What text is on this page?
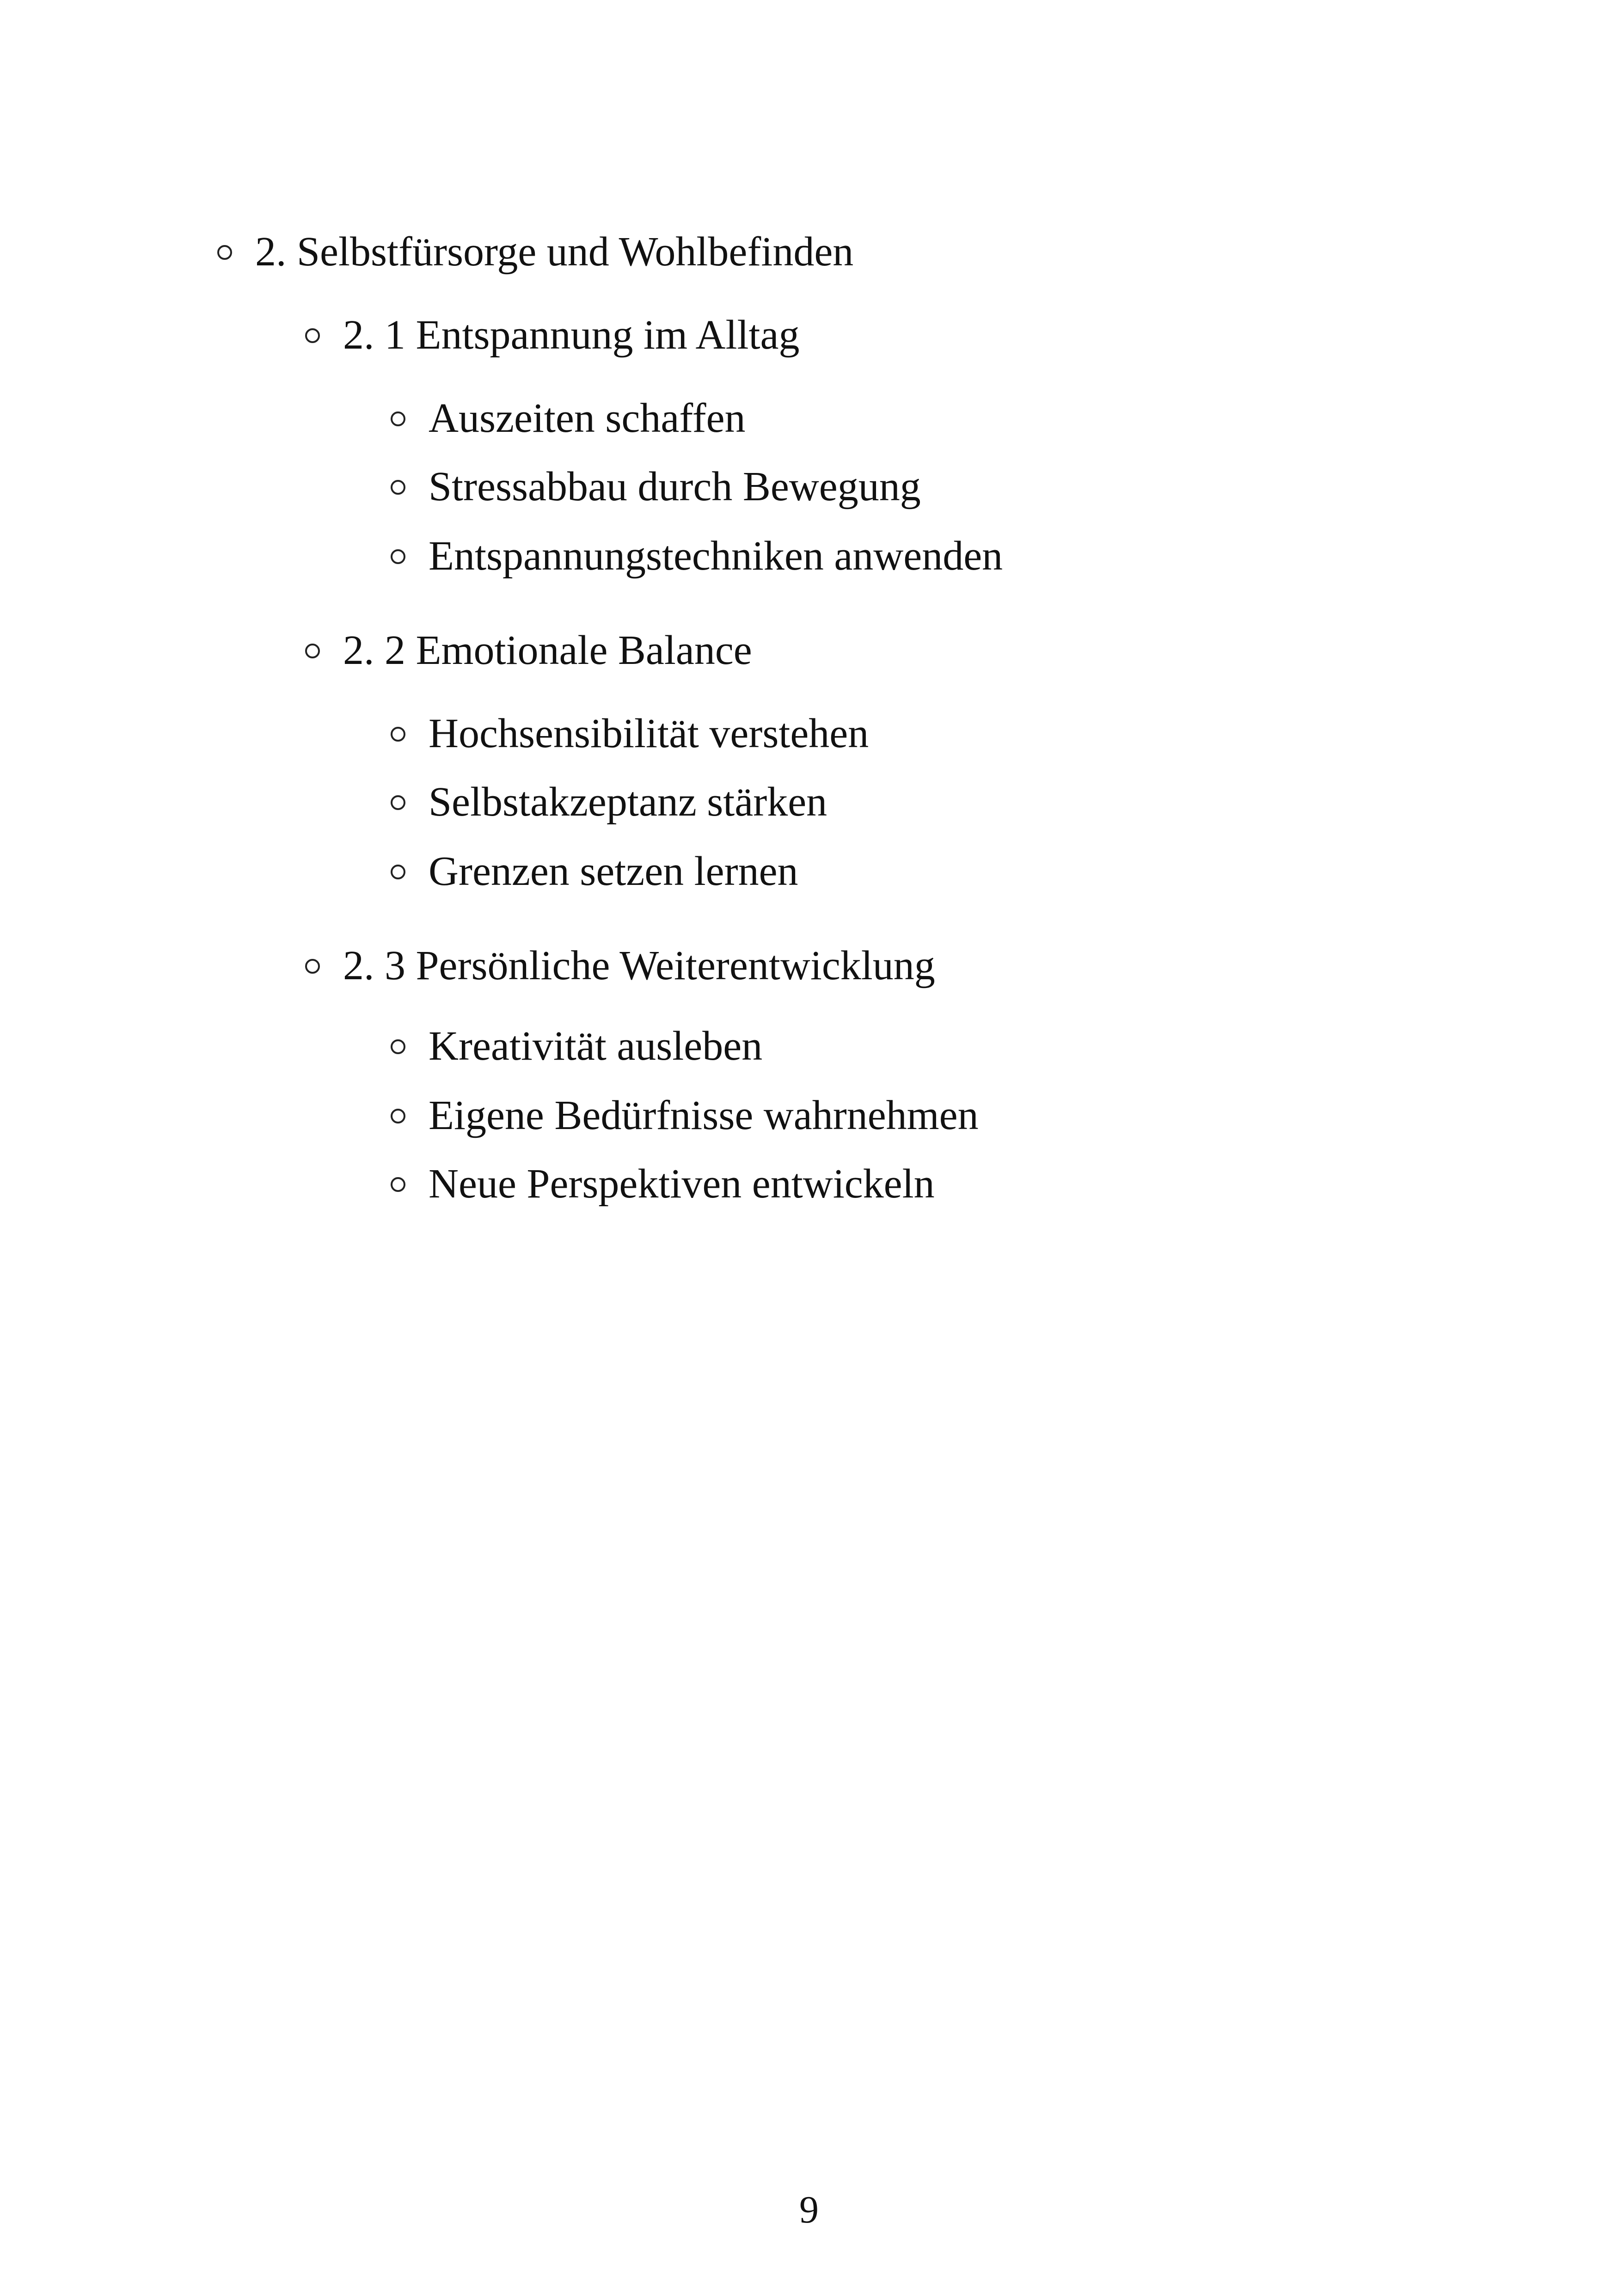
2. Selbstfürsorge und Wohlbefinden
2. 1 Entspannung im Alltag
Auszeiten schaffen
Stressabbau durch Bewegung
Entspannungstechniken anwenden
2. 2 Emotionale Balance
Hochsensibilität verstehen
Selbstakzeptanz stärken
Grenzen setzen lernen
2. 3 Persönliche Weiterentwicklung
Kreativität ausleben
Eigene Bedürfnisse wahrnehmen
Neue Perspektiven entwickeln
9
